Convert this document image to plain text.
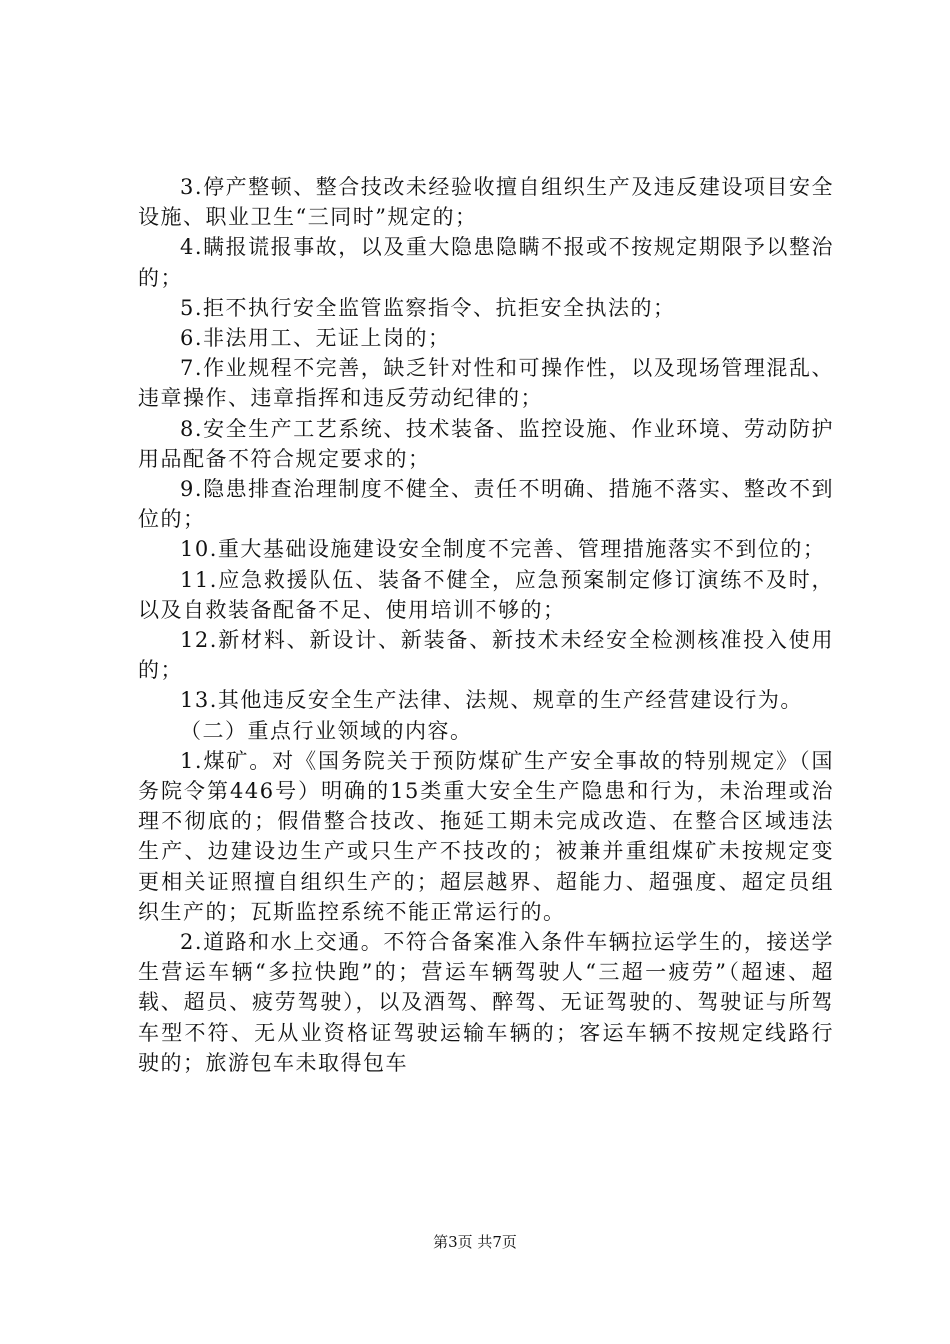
3.停产整顿、整合技改未经验收擅自组织生产及违反建设项目安全设施、职业卫生“三同时”规定的；

4.瞒报谎报事故，以及重大隐患隐瞒不报或不按规定期限予以整治的；

5.拒不执行安全监管监察指令、抗拒安全执法的；

6.非法用工、无证上岗的；

7.作业规程不完善，缺乏针对性和可操作性，以及现场管理混乱、违章操作、违章指挥和违反劳动纪律的；

8.安全生产工艺系统、技术装备、监控设施、作业环境、劳动防护用品配备不符合规定要求的；

9.隐患排查治理制度不健全、责任不明确、措施不落实、整改不到位的；

10.重大基础设施建设安全制度不完善、管理措施落实不到位的；

11.应急救援队伍、装备不健全，应急预案制定修订演练不及时，以及自救装备配备不足、使用培训不够的；

12.新材料、新设计、新装备、新技术未经安全检测核准投入使用的；

13.其他违反安全生产法律、法规、规章的生产经营建设行为。

（二）重点行业领域的内容。

1.煤矿。对《国务院关于预防煤矿生产安全事故的特别规定》（国务院令第446号）明确的15类重大安全生产隐患和行为，未治理或治理不彻底的；假借整合技改、拖延工期未完成改造、在整合区域违法生产、边建设边生产或只生产不技改的；被兼并重组煤矿未按规定变更相关证照擅自组织生产的；超层越界、超能力、超强度、超定员组织生产的；瓦斯监控系统不能正常运行的。

2.道路和水上交通。不符合备案准入条件车辆拉运学生的，接送学生营运车辆“多拉快跑”的；营运车辆驾驶人“三超一疲劳”（超速、超载、超员、疲劳驾驶），以及酒驾、醉驾、无证驾驶的、驾驶证与所驾车型不符、无从业资格证驾驶运输车辆的；客运车辆不按规定线路行驶的；旅游包车未取得包车

第3页 共7页
